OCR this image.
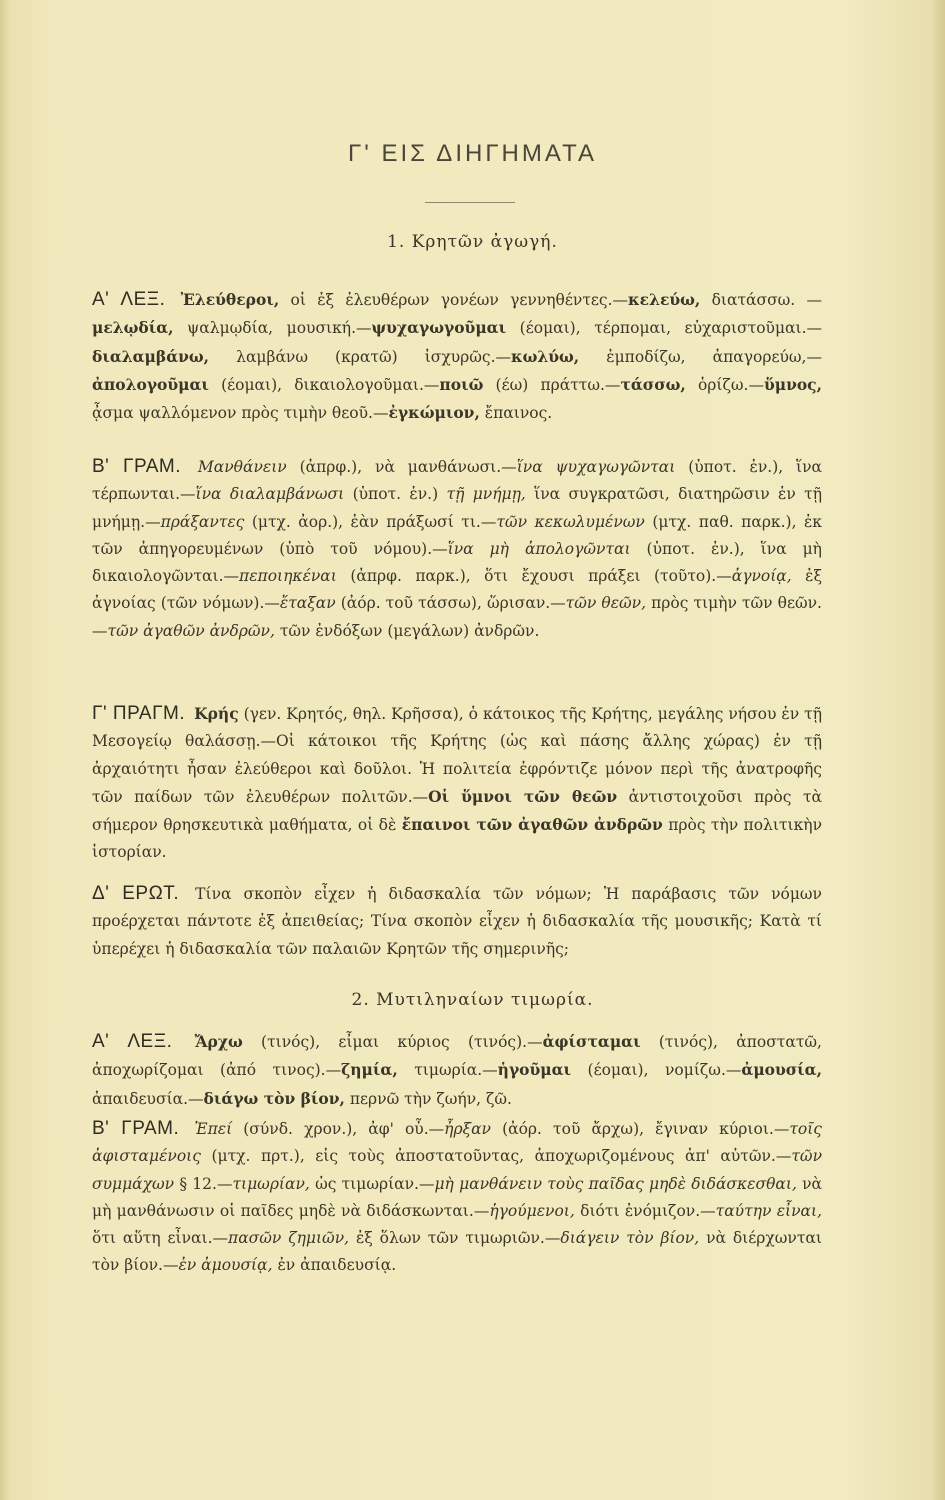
Γ' ΕΙΣ ΔΙΗΓΗΜΑΤΑ
1. Κρητῶν ἀγωγή.

Α' ΛΕΞ. Ἐλεύθεροι, οἱ ἐξ ἐλευθέρων γονέων γεννηθέντες.—κελεύω, διατάσσω. —μελῳδία, ψαλμῳδία, μουσική.—ψυχαγωγοῦμαι (έομαι), τέρπομαι, εὐχαριστοῦμαι.—διαλαμβάνω, λαμβάνω (κρατῶ) ἰσχυρῶς.—κωλύω, ἐμποδίζω, ἀπαγορεύω,—ἀπολογοῦμαι (έομαι), δικαιολογοῦμαι.—ποιῶ (έω) πράττω.—τάσσω, ὁρίζω.—ὕμνος, ᾆσμα ψαλλόμενον πρὸς τιμὴν θεοῦ.—ἐγκώμιον, ἔπαινος.

Β' ΓΡΑΜ. Μανθάνειν (ἀπρφ.), νὰ μανθάνωσι.—ἵνα ψυχαγωγῶνται (ὑποτ. ἐν.), ἵνα τέρπωνται.—ἵνα διαλαμβάνωσι (ὑποτ. ἐν.) τῇ μνήμῃ, ἵνα συγκρατῶσι, διατηρῶσιν ἐν τῇ μνήμῃ.—πράξαντες (μτχ. ἀορ.), ἐὰν πράξωσί τι.—τῶν κεκωλυμένων (μτχ. παθ. παρκ.), ἐκ τῶν ἀπηγορευμένων (ὑπὸ τοῦ νόμου).—ἵνα μὴ ἀπολογῶνται (ὑποτ. ἐν.), ἵνα μὴ δικαιολογῶνται.—πεποιηκέναι (ἀπρφ. παρκ.), ὅτι ἔχουσι πράξει (τοῦτο).—ἀγνοίᾳ, ἐξ ἀγνοίας (τῶν νόμων).—ἔταξαν (ἀόρ. τοῦ τάσσω), ὥρισαν.—τῶν θεῶν, πρὸς τιμὴν τῶν θεῶν.—τῶν ἀγαθῶν ἀνδρῶν, τῶν ἐνδόξων (μεγάλων) ἀνδρῶν.

Γ' ΠΡΑΓΜ. Κρής (γεν. Κρητός, θηλ. Κρῆσσα), ὁ κάτοικος τῆς Κρήτης, μεγάλης νήσου ἐν τῇ Μεσογείῳ θαλάσσῃ.—Οἱ κάτοικοι τῆς Κρήτης (ὡς καὶ πάσης ἄλλης χώρας) ἐν τῇ ἀρχαιότητι ἦσαν ἐλεύθεροι καὶ δοῦλοι. Ἡ πολιτεία ἐφρόντιζε μόνον περὶ τῆς ἀνατροφῆς τῶν παίδων τῶν ἐλευθέρων πολιτῶν.—Οἱ ὕμνοι τῶν θεῶν ἀντιστοιχοῦσι πρὸς τὰ σήμερον θρησκευτικὰ μαθήματα, οἱ δὲ ἔπαινοι τῶν ἀγαθῶν ἀνδρῶν πρὸς τὴν πολιτικὴν ἱστορίαν.

Δ' ΕΡΩΤ. Τίνα σκοπὸν εἶχεν ἡ διδασκαλία τῶν νόμων; Ἡ παράβασις τῶν νόμων προέρχεται πάντοτε ἐξ ἀπειθείας; Τίνα σκοπὸν εἶχεν ἡ διδασκαλία τῆς μουσικῆς; Κατὰ τί ὑπερέχει ἡ διδασκαλία τῶν παλαιῶν Κρητῶν τῆς σημερινῆς;

2. Μυτιληναίων τιμωρία.

Α' ΛΕΞ. Ἄρχω (τινός), εἶμαι κύριος (τινός).—ἀφίσταμαι (τινός), ἀποστατῶ, ἀποχωρίζομαι (ἀπό τινος).—ζημία, τιμωρία.—ἡγοῦμαι (έομαι), νομίζω.—ἀμουσία, ἀπαιδευσία.—διάγω τὸν βίον, περνῶ τὴν ζωήν, ζῶ.

Β' ΓΡΑΜ. Ἐπεί (σύνδ. χρον.), ἀφ' οὗ.—ἦρξαν (ἀόρ. τοῦ ἄρχω), ἔγιναν κύριοι.—τοῖς ἀφισταμένοις (μτχ. πρτ.), εἰς τοὺς ἀποστατοῦντας, ἀποχωριζομένους ἀπ' αὐτῶν.—τῶν συμμάχων § 12.—τιμωρίαν, ὡς τιμωρίαν.—μὴ μανθάνειν τοὺς παῖδας μηδὲ διδάσκεσθαι, νὰ μὴ μανθάνωσιν οἱ παῖδες μηδὲ νὰ διδάσκωνται.—ἡγούμενοι, διότι ἐνόμιζον.—ταύτην εἶναι, ὅτι αὕτη εἶναι.—πασῶν ζημιῶν, ἐξ ὅλων τῶν τιμωριῶν.—διάγειν τὸν βίον, νὰ διέρχωνται τὸν βίον.—ἐν ἀμουσίᾳ, ἐν ἀπαιδευσίᾳ.
